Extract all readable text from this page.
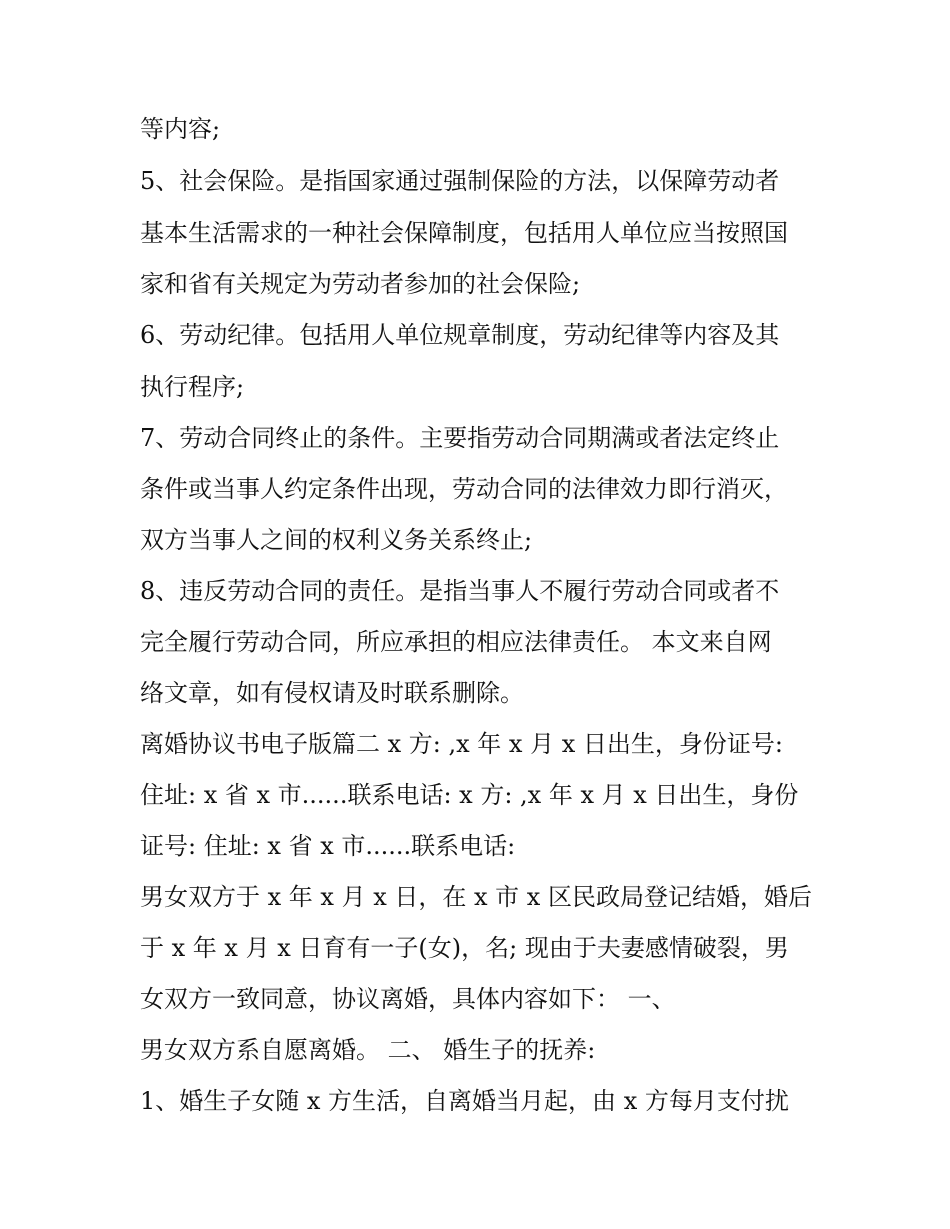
等内容;
5、社会保险。是指国家通过强制保险的方法，以保障劳动者
基本生活需求的一种社会保障制度，包括用人单位应当按照国
家和省有关规定为劳动者参加的社会保险;
6、劳动纪律。包括用人单位规章制度，劳动纪律等内容及其
执行程序;
7、劳动合同终止的条件。主要指劳动合同期满或者法定终止
条件或当事人约定条件出现，劳动合同的法律效力即行消灭，
双方当事人之间的权利义务关系终止;
8、违反劳动合同的责任。是指当事人不履行劳动合同或者不
完全履行劳动合同，所应承担的相应法律责任。 本文来自网
络文章，如有侵权请及时联系删除。
离婚协议书电子版篇二 x 方: ,x 年 x 月 x 日出生，身份证号:
住址: x 省 x 市......联系电话: x 方: ,x 年 x 月 x 日出生，身份
证号: 住址: x 省 x 市......联系电话:
男女双方于 x 年 x 月 x 日，在 x 市 x 区民政局登记结婚，婚后
于 x 年 x 月 x 日育有一子(女)，名; 现由于夫妻感情破裂，男
女双方一致同意，协议离婚，具体内容如下： 一、
男女双方系自愿离婚。 二、 婚生子的抚养:
1、婚生子女随 x 方生活，自离婚当月起，由 x 方每月支付扰
